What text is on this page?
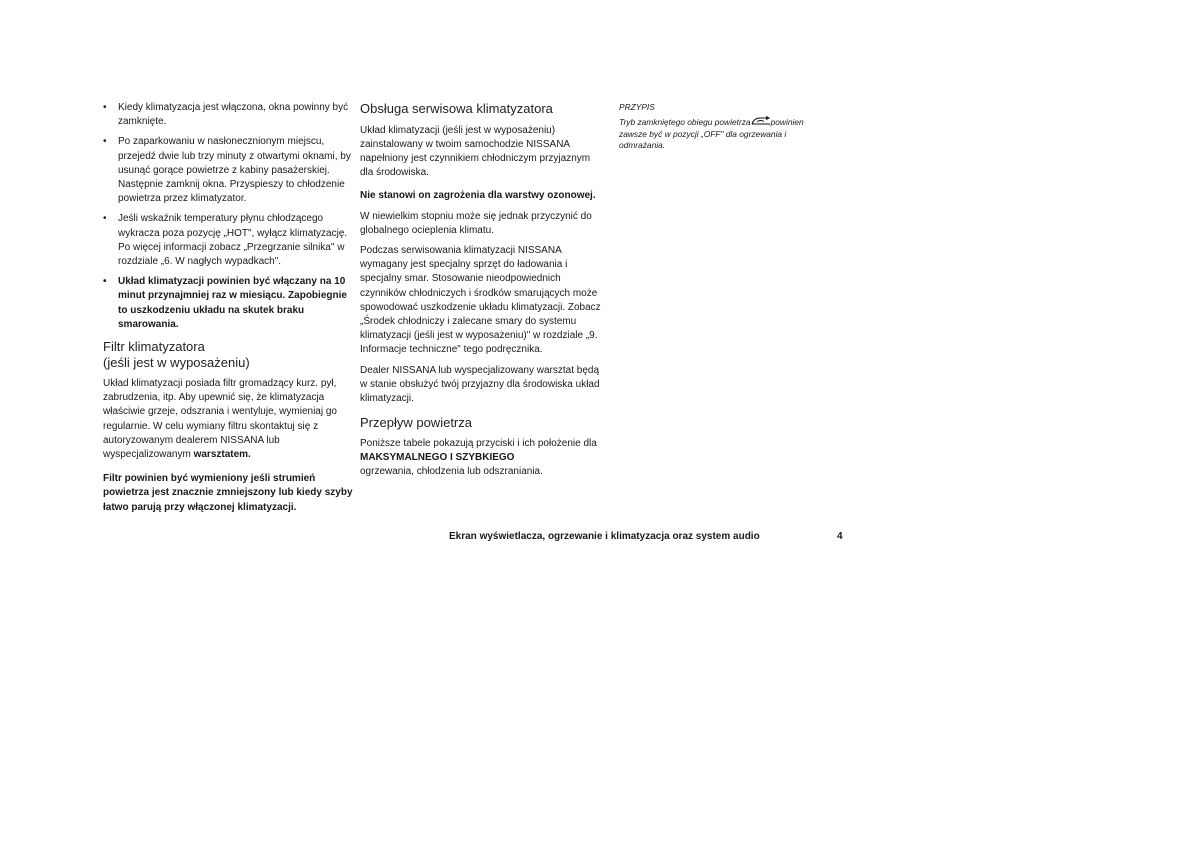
• Kiedy klimatyzacja jest włączona, okna powinny być zamknięte.
• Po zaparkowaniu w nasłonecznionym miejscu, przejedź dwie lub trzy minuty z otwartymi oknami, by usunąć gorące powietrze z kabiny pasażerskiej. Następnie zamknij okna. Przyspieszy to chłodzenie powietrza przez klimatyzator.
• Jeśli wskaźnik temperatury płynu chłodzącego wykracza poza pozycję „HOT", wyłącz klimatyzację. Po więcej informacji zobacz „Przegrzanie silnika" w rozdziale „6. W nagłych wypadkach".
• Układ klimatyzacji powinien być włączany na 10 minut przynajmniej raz w miesiącu. Zapobiegnie to uszkodzeniu układu na skutek braku smarowania.
Filtr klimatyzatora
(jeśli jest w wyposażeniu)

Układ klimatyzacji posiada filtr gromadzący kurz. pył, zabrudzenia, itp. Aby upewnić się, że klimatyzacja właściwie grzeje, odszrania i wentyluje, wymieniaj go regularnie. W celu wymiany filtru skontaktuj się z autoryzowanym dealerem NISSANA lub wyspecjalizowanym warsztatem.

Filtr powinien być wymieniony jeśli strumień powietrza jest znacznie zmniejszony lub kiedy szyby łatwo parują przy włączonej klimatyzacji.

Obsługa serwisowa klimatyzatora

Układ klimatyzacji (jeśli jest w wyposażeniu) zainstalowany w twoim samochodzie NISSANA napełniony jest czynnikiem chłodniczym przyjaznym dla środowiska.

Nie stanowi on zagrożenia dla warstwy ozonowej.

W niewielkim stopniu może się jednak przyczynić do globalnego ocieplenia klimatu.

Podczas serwisowania klimatyzacji NISSANA wymagany jest specjalny sprzęt do ładowania i specjalny smar. Stosowanie nieodpowiednich czynników chłodniczych i środków smarujących może spowodować uszkodzenie układu klimatyzacji. Zobacz „Środek chłodniczy i zalecane smary do systemu klimatyzacji (jeśli jest w wyposażeniu)" w rozdziale „9. Informacje techniczne" tego podręcznika.

Dealer NISSANA lub wyspecjalizowany warsztat będą w stanie obsłużyć twój przyjazny dla środowiska układ klimatyzacji.

Przepływ powietrza

Poniższe tabele pokazują przyciski i ich położenie dla
MAKSYMALNEGO I SZYBKIEGO
ogrzewania, chłodzenia lub odszraniania.

PRZYPIS

Tryb zamkniętego obiegu powietrza powinien zawsze być w pozycji „OFF" dla ogrzewania i odmrażania.

Ekran wyświetlacza, ogrzewanie i klimatyzacja oraz system audio	4
